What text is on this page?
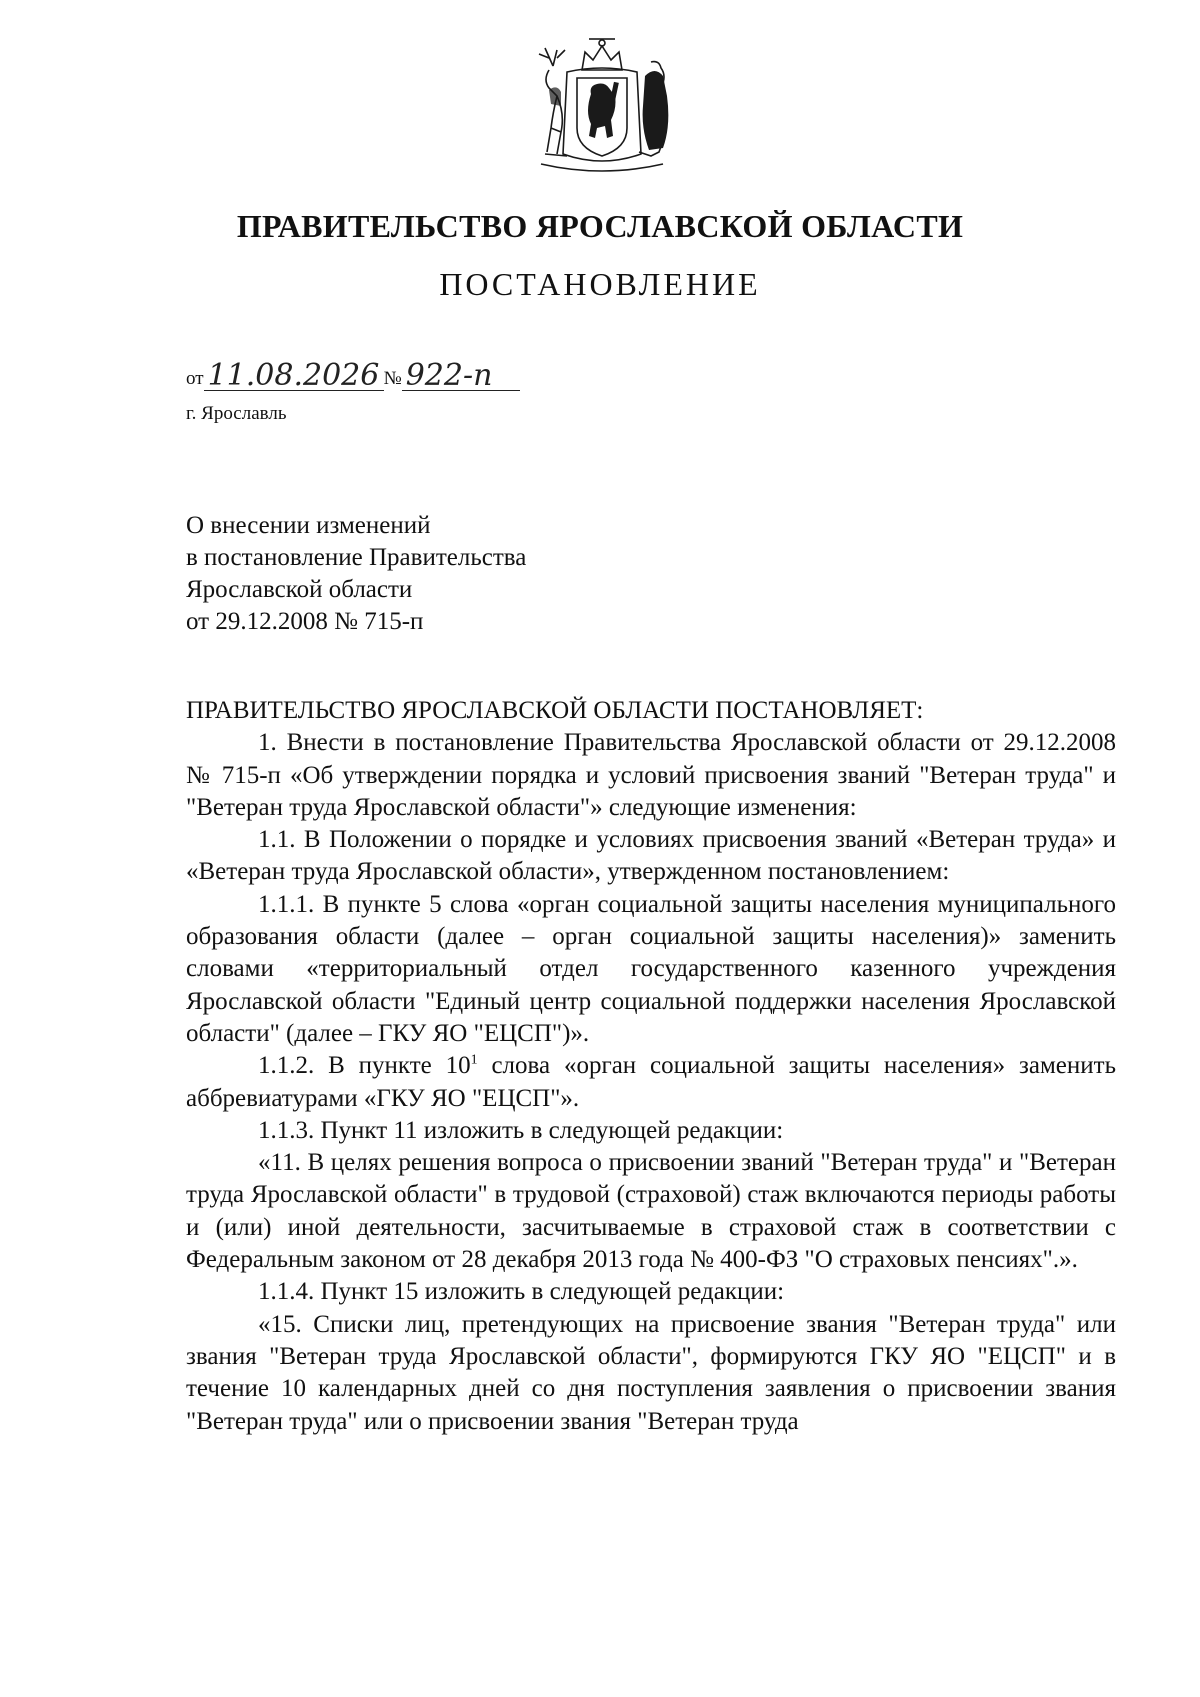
ПРАВИТЕЛЬСТВО ЯРОСЛАВСКОЙ ОБЛАСТИ
ПОСТАНОВЛЕНИЕ
от 11.08.2026 № 922-п
г. Ярославль
О внесении изменений
в постановление Правительства
Ярославской области
от 29.12.2008 № 715-п

ПРАВИТЕЛЬСТВО ЯРОСЛАВСКОЙ ОБЛАСТИ ПОСТАНОВЛЯЕТ:

1. Внести в постановление Правительства Ярославской области от 29.12.2008 № 715-п «Об утверждении порядка и условий присвоения званий "Ветеран труда" и "Ветеран труда Ярославской области"» следующие изменения:

1.1. В Положении о порядке и условиях присвоения званий «Ветеран труда» и «Ветеран труда Ярославской области», утвержденном постановлением:

1.1.1. В пункте 5 слова «орган социальной защиты населения муниципального образования области (далее – орган социальной защиты населения)» заменить словами «территориальный отдел государственного казенного учреждения Ярославской области "Единый центр социальной поддержки населения Ярославской области" (далее – ГКУ ЯО "ЕЦСП")».

1.1.2. В пункте $10^1$ слова «орган социальной защиты населения» заменить аббревиатурами «ГКУ ЯО "ЕЦСП"».

1.1.3. Пункт 11 изложить в следующей редакции:

«11. В целях решения вопроса о присвоении званий "Ветеран труда" и "Ветеран труда Ярославской области" в трудовой (страховой) стаж включаются периоды работы и (или) иной деятельности, засчитываемые в страховой стаж в соответствии с Федеральным законом от 28 декабря 2013 года № 400-ФЗ "О страховых пенсиях".».

1.1.4. Пункт 15 изложить в следующей редакции:

«15. Списки лиц, претендующих на присвоение звания "Ветеран труда" или звания "Ветеран труда Ярославской области", формируются ГКУ ЯО "ЕЦСП" и в течение 10 календарных дней со дня поступления заявления о присвоении звания "Ветеран труда" или о присвоении звания "Ветеран труда
